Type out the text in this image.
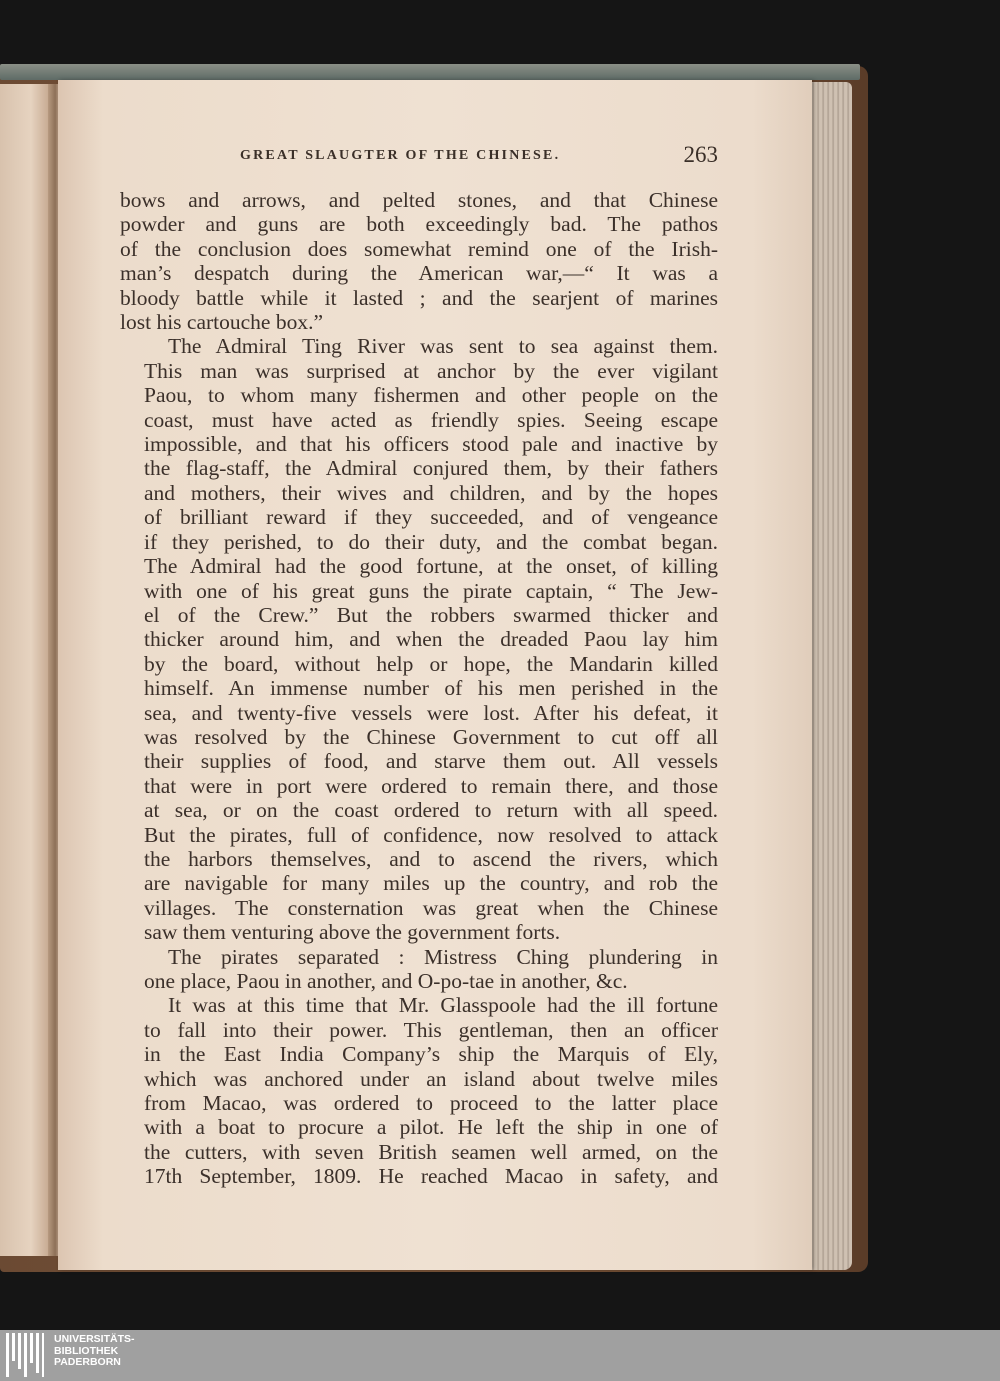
GREAT SLAUGTER OF THE CHINESE.	263
bows and arrows, and pelted stones, and that Chinese
powder and guns are both exceedingly bad. The pathos
of the conclusion does somewhat remind one of the Irish-
man’s despatch during the American war,—“ It was a
bloody battle while it lasted ; and the searjent of marines
lost his cartouche box.”
The Admiral Ting River was sent to sea against them.
This man was surprised at anchor by the ever vigilant
Paou, to whom many fishermen and other people on the
coast, must have acted as friendly spies. Seeing escape
impossible, and that his officers stood pale and inactive by
the flag-staff, the Admiral conjured them, by their fathers
and mothers, their wives and children, and by the hopes
of brilliant reward if they succeeded, and of vengeance
if they perished, to do their duty, and the combat began.
The Admiral had the good fortune, at the onset, of killing
with one of his great guns the pirate captain, “ The Jew-
el of the Crew.” But the robbers swarmed thicker and
thicker around him, and when the dreaded Paou lay him
by the board, without help or hope, the Mandarin killed
himself. An immense number of his men perished in the
sea, and twenty-five vessels were lost. After his defeat, it
was resolved by the Chinese Government to cut off all
their supplies of food, and starve them out. All vessels
that were in port were ordered to remain there, and those
at sea, or on the coast ordered to return with all speed.
But the pirates, full of confidence, now resolved to attack
the harbors themselves, and to ascend the rivers, which
are navigable for many miles up the country, and rob the
villages. The consternation was great when the Chinese
saw them venturing above the government forts.
The pirates separated : Mistress Ching plundering in
one place, Paou in another, and O-po-tae in another, &c.
It was at this time that Mr. Glasspoole had the ill fortune
to fall into their power. This gentleman, then an officer
in the East India Company’s ship the Marquis of Ely,
which was anchored under an island about twelve miles
from Macao, was ordered to proceed to the latter place
with a boat to procure a pilot. He left the ship in one of
the cutters, with seven British seamen well armed, on the
17th September, 1809. He reached Macao in safety, and
UNIVERSITÄTS-
BIBLIOTHEK
PADERBORN
